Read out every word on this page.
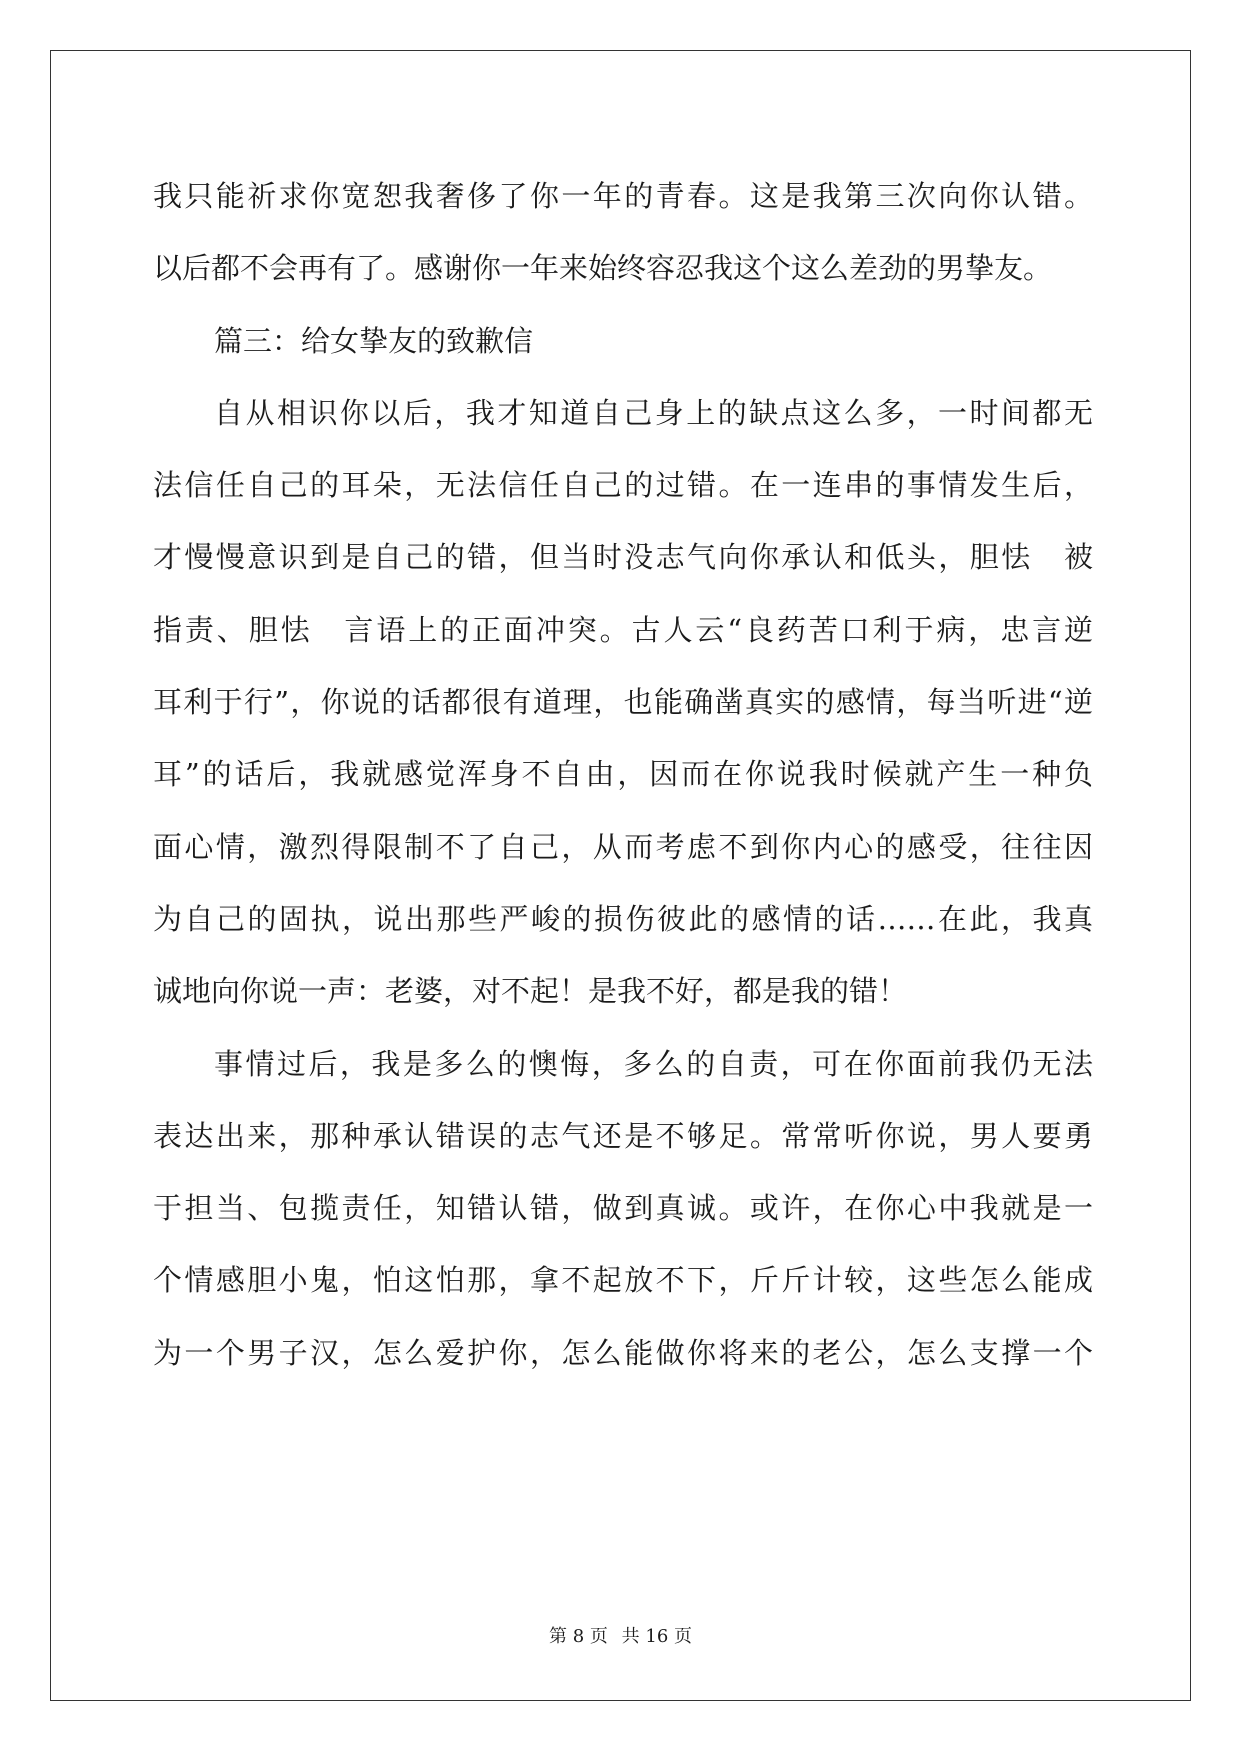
我只能祈求你宽恕我奢侈了你一年的青春。这是我第三次向你认错。

以后都不会再有了。感谢你一年来始终容忍我这个这么差劲的男挚友。

篇三：给女挚友的致歉信

自从相识你以后，我才知道自己身上的缺点这么多，一时间都无

法信任自己的耳朵，无法信任自己的过错。在一连串的事情发生后，

才慢慢意识到是自己的错，但当时没志气向你承认和低头，胆怯　被

指责、胆怯　言语上的正面冲突。古人云“良药苦口利于病，忠言逆

耳利于行”，你说的话都很有道理，也能确凿真实的感情，每当听进“逆

耳”的话后，我就感觉浑身不自由，因而在你说我时候就产生一种负

面心情，激烈得限制不了自己，从而考虑不到你内心的感受，往往因

为自己的固执，说出那些严峻的损伤彼此的感情的话……在此，我真

诚地向你说一声：老婆，对不起！是我不好，都是我的错！

事情过后，我是多么的懊悔，多么的自责，可在你面前我仍无法

表达出来，那种承认错误的志气还是不够足。常常听你说，男人要勇

于担当、包揽责任，知错认错，做到真诚。或许，在你心中我就是一

个情感胆小鬼，怕这怕那，拿不起放不下，斤斤计较，这些怎么能成

为一个男子汉，怎么爱护你，怎么能做你将来的老公，怎么支撑一个

第 8 页 共 16 页
